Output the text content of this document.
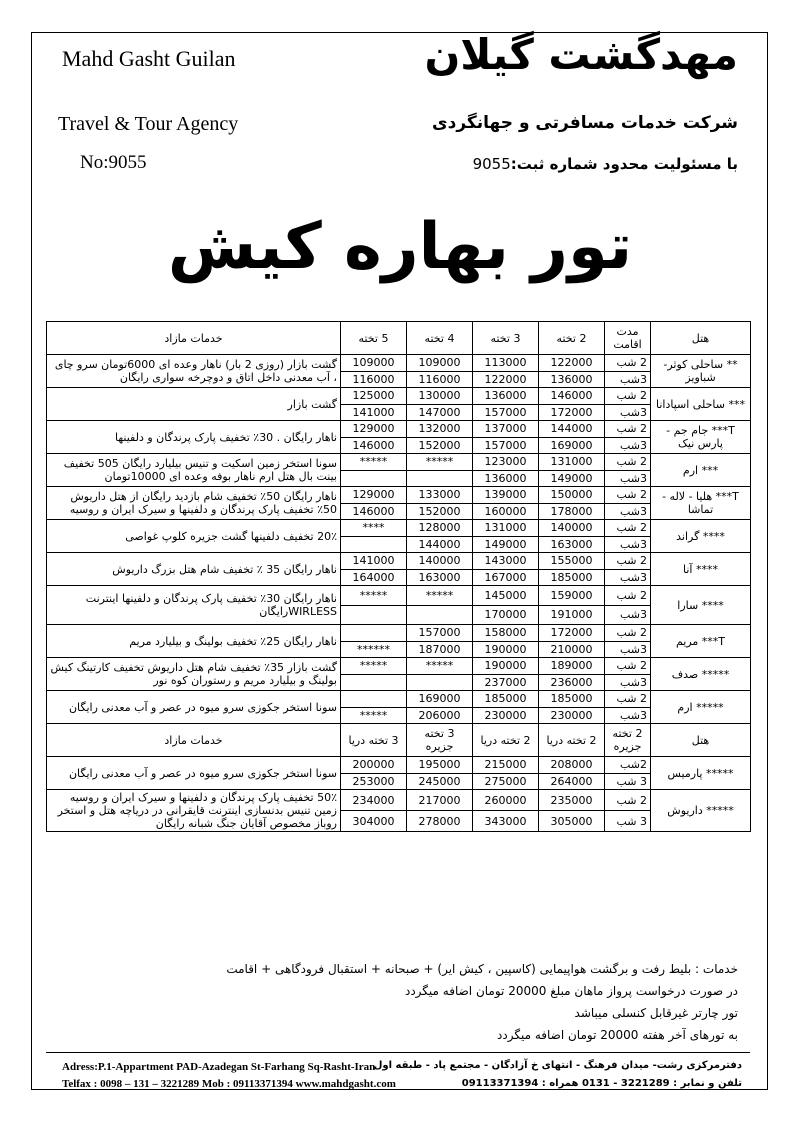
Mahd Gasht Guilan
Travel & Tour Agency
No:9055
مهدگشت گیلان
شرکت خدمات مسافرتی و جهانگردی
با مسئولیت محدود شماره ثبت:9055
تور بهاره کیش
هتل	مدت اقامت	2 تخته	3 تخته	4 تخته	5 تخته	خدمات مازاد
** ساحلی کوثر- شباویز	2 شب	122000	113000	109000	109000	گشت بازار (روزی 2 بار) ناهار وعده ای 6000تومان سرو چای ، آب معدنی داخل اتاق و دوچرخه سواری رایگان
	3شب	136000	122000	116000	116000	
*** ساحلی اسپادانا	2 شب	146000	136000	130000	125000	گشت بازار
	3شب	172000	157000	147000	141000	
T*** جام جم - پارس نیک	2 شب	144000	137000	132000	129000	ناهار رایگان . 30٪ تخفیف پارک پرندگان و دلفینها
	3شب	169000	157000	152000	146000	
*** ارم	2 شب	131000	123000	*****	*****	سونا استخر زمین اسکیت و تنیس بیلیارد رایگان 505 تخفیف بینت بال هتل ارم ناهار بوفه وعده ای 10000تومان
	3شب	149000	136000			
T*** هلیا - لاله - تماشا	2 شب	150000	139000	133000	129000	ناهار رایگان 50٪ تخفیف شام بازدید رایگان از هتل داریوش 50٪ تخفیف پارک پرندگان و دلفینها و سیرک ایران و روسیه
	3شب	178000	160000	152000	146000	
**** گراند	2 شب	140000	131000	128000	****	20٪ تخفیف دلفینها گشت جزیره کلوپ غواصی
	3شب	163000	149000	144000		
**** آنا	2 شب	155000	143000	140000	141000	ناهار رایگان 35 ٪ تخفیف شام هتل بزرگ داریوش
	3شب	185000	167000	163000	164000	
**** سارا	2 شب	159000	145000	*****	*****	ناهار رایگان 30٪ تخفیف پارک پرندگان و دلفینها اینترنت WIRLESSرایگان
	3شب	191000	170000			
T*** مریم	2 شب	172000	158000	157000		ناهار رایگان 25٪ تخفیف بولینگ و بیلیارد مریم
	3شب	210000	190000	187000	******	
***** صدف	2 شب	189000	190000	*****	*****	گشت بازار 35٪ تخفیف شام هتل داریوش تخفیف کارتینگ کیش بولینگ و بیلیارد مریم و رستوران کوه نور
	3شب	236000	237000			
***** ارم	2 شب	185000	185000	169000		سونا استخر جکوزی سرو میوه در عصر و آب معدنی رایگان
	3شب	230000	230000	206000	*****	
هتل	2 تخته جزیره	2 تخته دریا	2 تخته دریا	3 تخته جزیره	3 تخته دریا	خدمات مازاد
***** پارمیس	2شب	208000	215000	195000	200000	سونا استخر جکوزی سرو میوه در عصر و آب معدنی رایگان
	3 شب	264000	275000	245000	253000	
***** داریوش	2 شب	235000	260000	217000	234000	50٪ تخفیف پارک پرندگان و دلفینها و سیرک ایران و روسیه زمین تنیس بدنسازی اینترنت قایقرانی در دریاچه هتل و استخر روباز مخصوص آقایان جنگ شبانه رایگان
	3 شب	305000	343000	278000	304000	
خدمات : بلیط رفت و برگشت هواپیمایی (کاسپین ، کیش ایر) + صبحانه + استقبال فرودگاهی + اقامت
در صورت درخواست پرواز ماهان مبلغ 20000 تومان اضافه میگردد
تور چارتر غیرقابل کنسلی میباشد
به تورهای آخر هفته 20000 تومان اضافه میگردد
Adress:P.1-Appartment PAD-Azadegan St-Farhang Sq-Rasht-Iran
Telfax : 0098 – 131 – 3221289 Mob : 09113371394 www.mahdgasht.com
دفترمرکزی رشت- میدان فرهنگ - انتهای خ آزادگان - مجتمع پاد - طبقه اول
تلفن و نمابر : 3221289 - 0131 همراه : 09113371394
